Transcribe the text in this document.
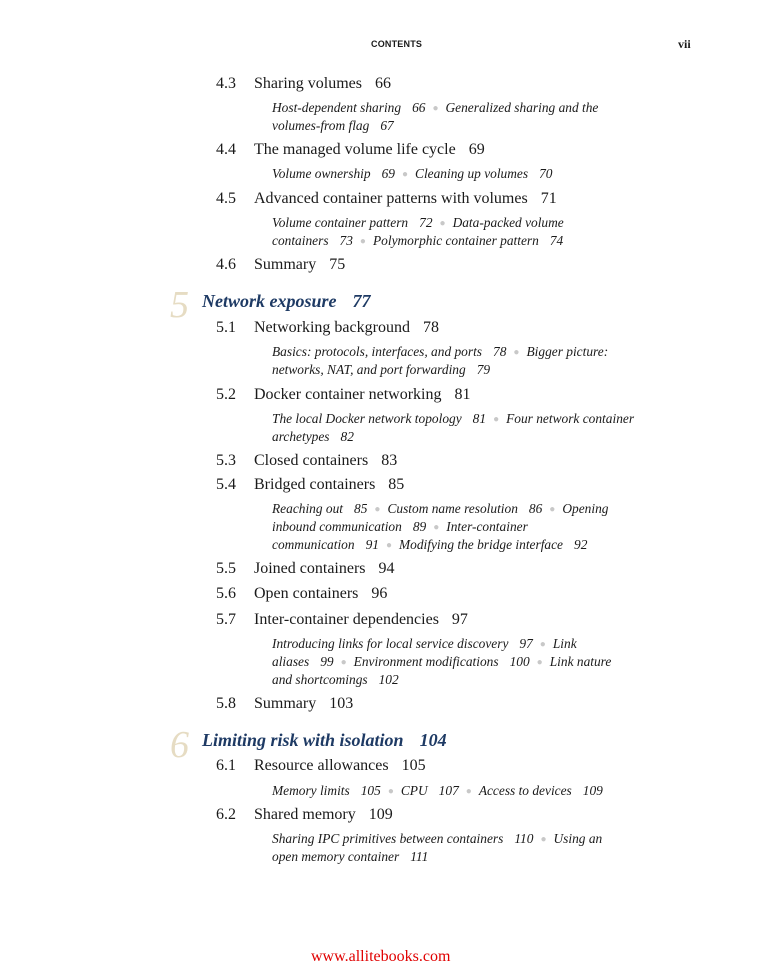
CONTENTS	vii
4.3 Sharing volumes 66
Host-dependent sharing 66 ● Generalized sharing and the
volumes-from flag 67
4.4 The managed volume life cycle 69
Volume ownership 69 ● Cleaning up volumes 70
4.5 Advanced container patterns with volumes 71
Volume container pattern 72 ● Data-packed volume
containers 73 ● Polymorphic container pattern 74
4.6 Summary 75
5 Network exposure 77
5.1 Networking background 78
Basics: protocols, interfaces, and ports 78 ● Bigger picture:
networks, NAT, and port forwarding 79
5.2 Docker container networking 81
The local Docker network topology 81 ● Four network container
archetypes 82
5.3 Closed containers 83
5.4 Bridged containers 85
Reaching out 85 ● Custom name resolution 86 ● Opening
inbound communication 89 ● Inter-container
communication 91 ● Modifying the bridge interface 92
5.5 Joined containers 94
5.6 Open containers 96
5.7 Inter-container dependencies 97
Introducing links for local service discovery 97 ● Link
aliases 99 ● Environment modifications 100 ● Link nature
and shortcomings 102
5.8 Summary 103
6 Limiting risk with isolation 104
6.1 Resource allowances 105
Memory limits 105 ● CPU 107 ● Access to devices 109
6.2 Shared memory 109
Sharing IPC primitives between containers 110 ● Using an
open memory container 111
www.allitebooks.com
